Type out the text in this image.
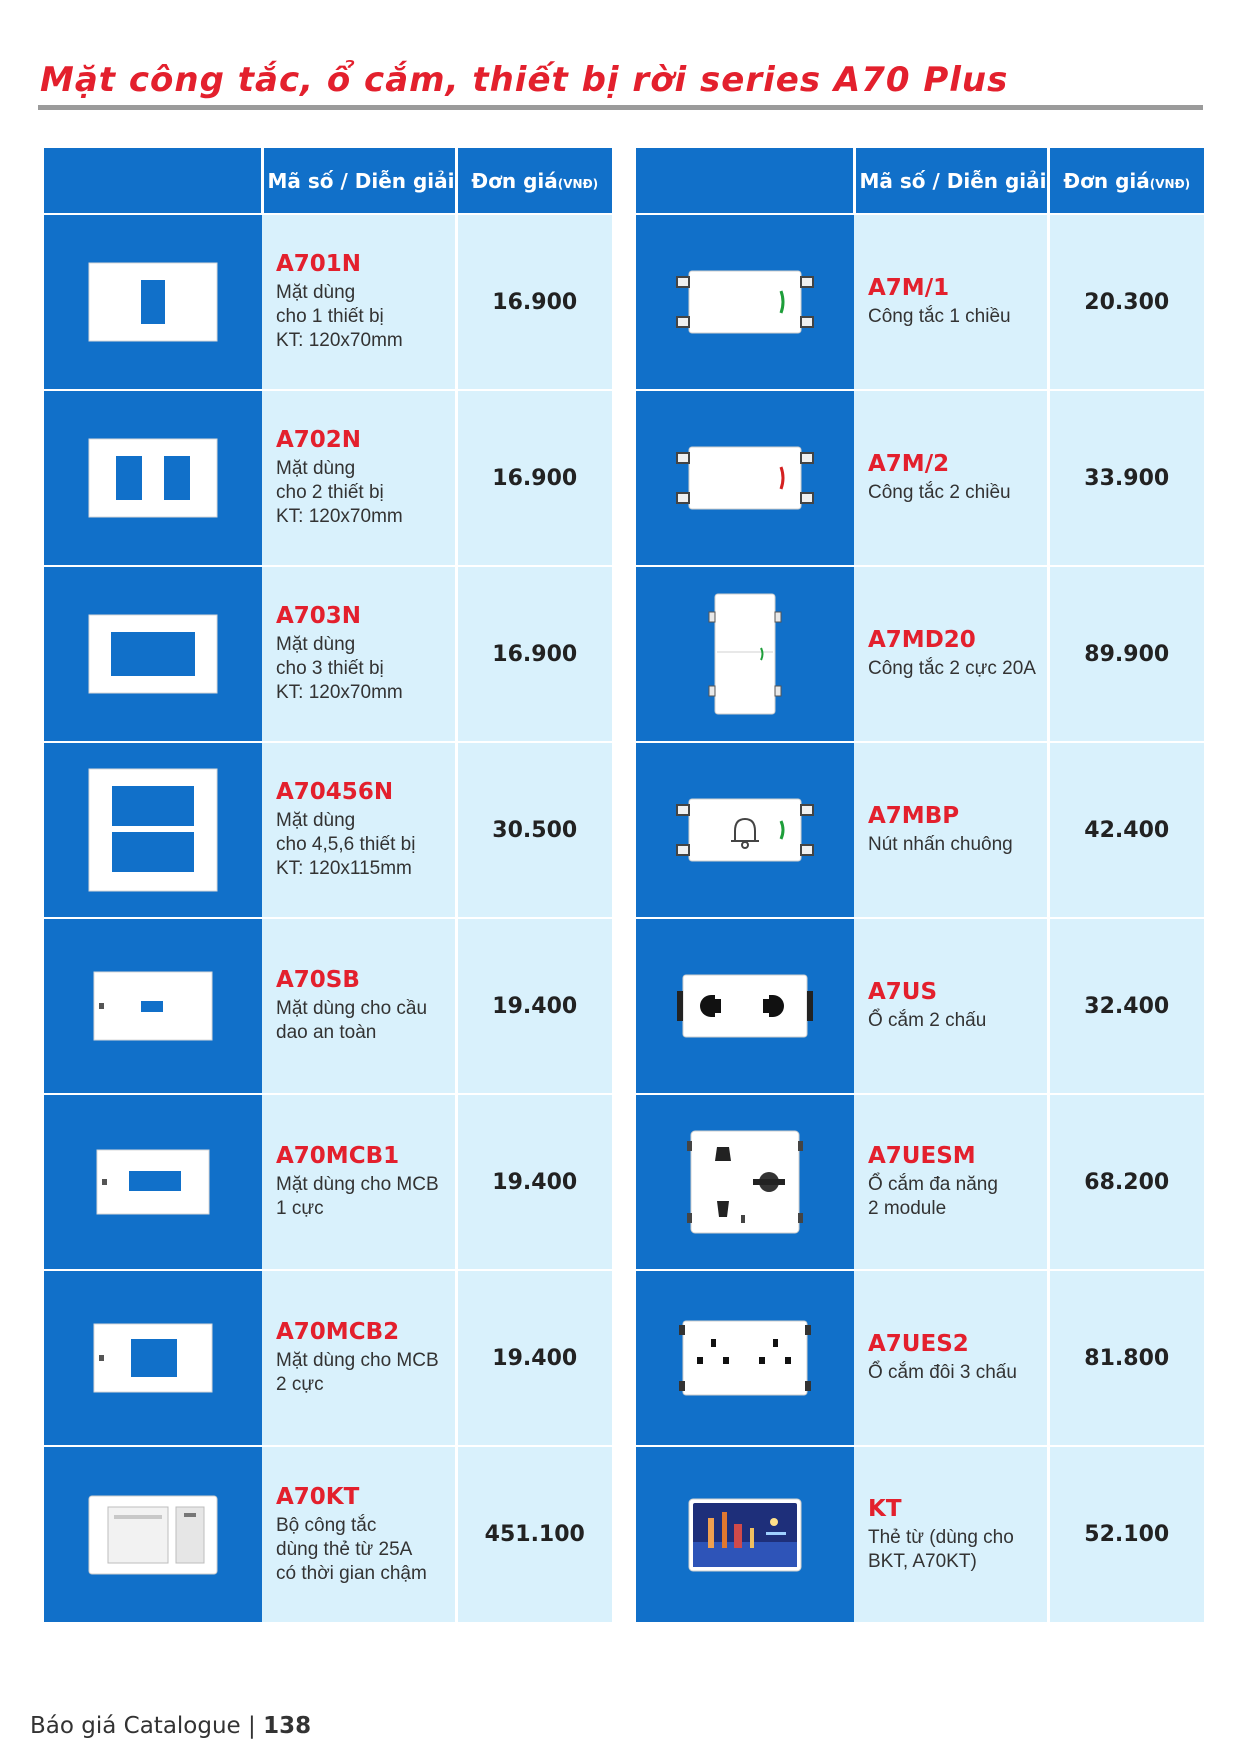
Mặt công tắc, ổ cắm, thiết bị rời series A70 Plus
	Mã số / Diễn giải	Đơn giá(VNĐ)

A701N
Mặt dùng
cho 1 thiết bị
KT: 120x70mm	16.900

A702N
Mặt dùng
cho 2 thiết bị
KT: 120x70mm	16.900

A703N
Mặt dùng
cho 3 thiết bị
KT: 120x70mm	16.900

A70456N
Mặt dùng
cho 4,5,6 thiết bị
KT: 120x115mm	30.500

A70SB
Mặt dùng cho cầu
dao an toàn	19.400

A70MCB1
Mặt dùng cho MCB
1 cực	19.400

A70MCB2
Mặt dùng cho MCB
2 cực	19.400

A70KT
Bộ công tắc
dùng thẻ từ 25A
có thời gian chậm	451.100
	Mã số / Diễn giải	Đơn giá(VNĐ)

A7M/1
Công tắc 1 chiều	20.300

A7M/2
Công tắc 2 chiều	33.900

A7MD20
Công tắc 2 cực 20A	89.900

A7MBP
Nút nhấn chuông	42.400

A7US
Ổ cắm 2 chấu	32.400

A7UESM
Ổ cắm đa năng
2 module	68.200

A7UES2
Ổ cắm đôi 3 chấu	81.800

KT
Thẻ từ (dùng cho
BKT, A70KT)	52.100
Báo giá Catalogue | 138
